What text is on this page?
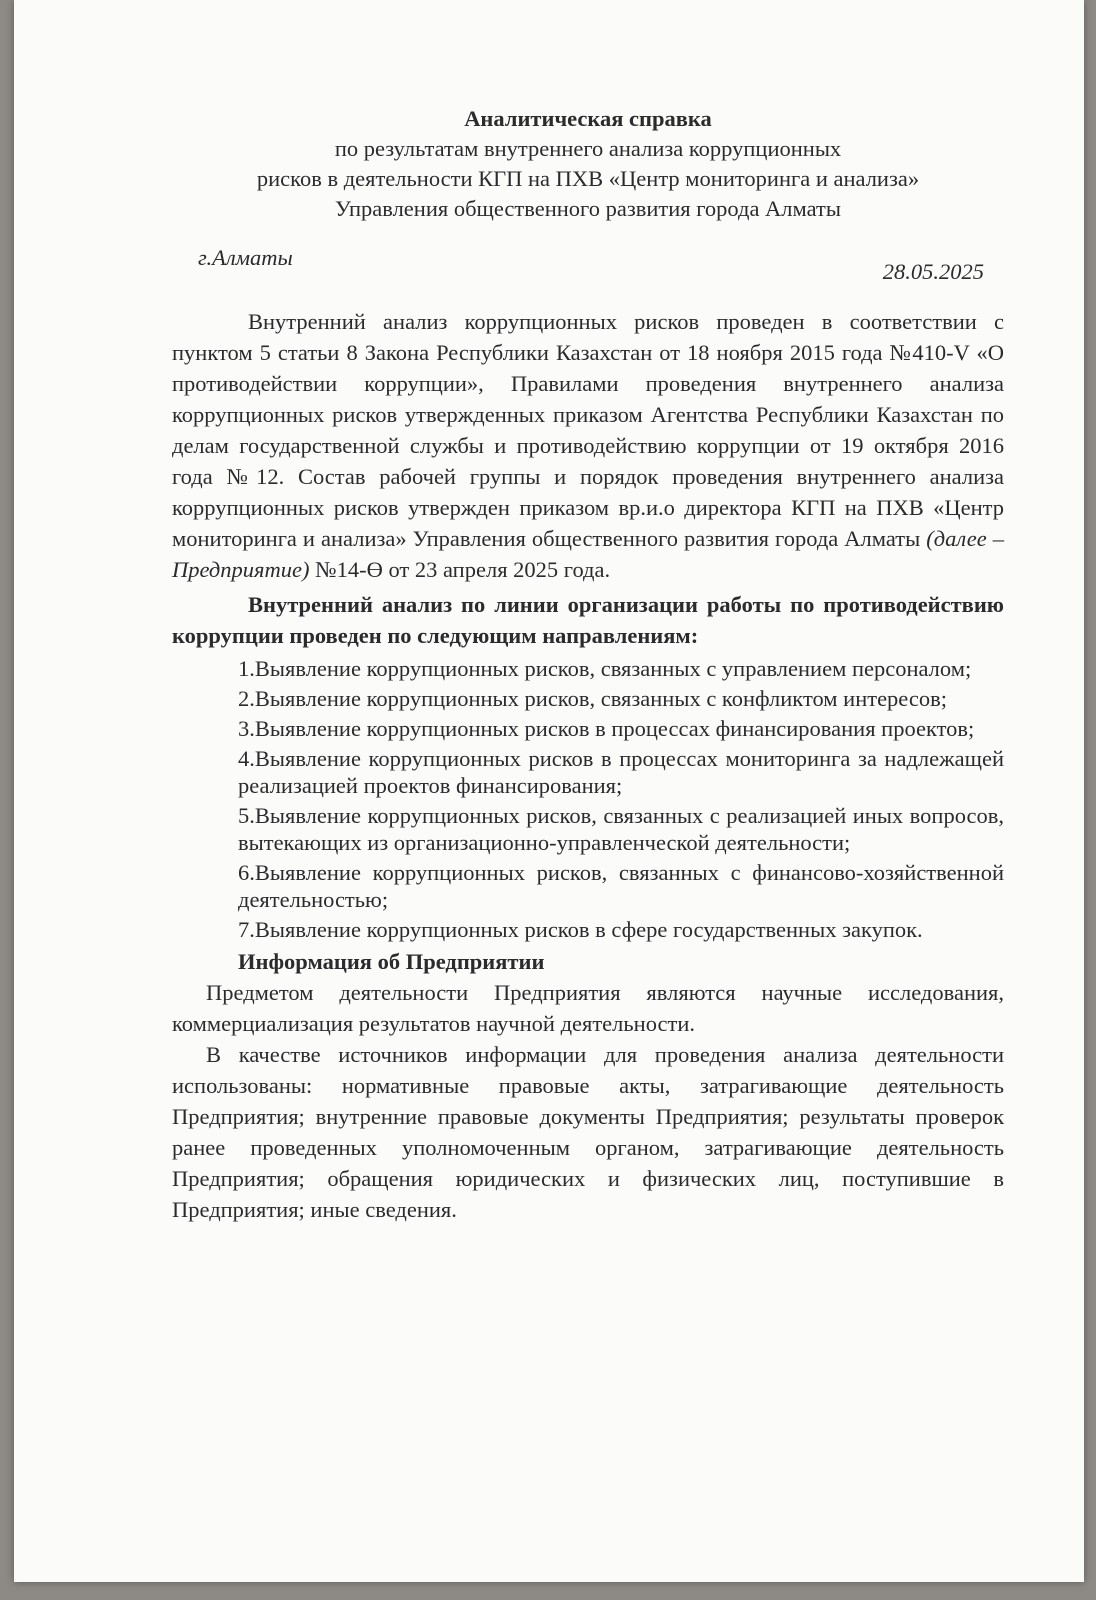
Аналитическая справка
по результатам внутреннего анализа коррупционных
рисков в деятельности КГП на ПХВ «Центр мониторинга и анализа»
Управления общественного развития города Алматы
г.Алматы
28.05.2025

Внутренний анализ коррупционных рисков проведен в соответствии с пунктом 5 статьи 8 Закона Республики Казахстан от 18 ноября 2015 года №410-V «О противодействии коррупции», Правилами проведения внутреннего анализа коррупционных рисков утвержденных приказом Агентства Республики Казахстан по делам государственной службы и противодействию коррупции от 19 октября 2016 года №12. Состав рабочей группы и порядок проведения внутреннего анализа коррупционных рисков утвержден приказом вр.и.о директора КГП на ПХВ «Центр мониторинга и анализа» Управления общественного развития города Алматы (далее – Предприятие) №14-Ө от 23 апреля 2025 года.

Внутренний анализ по линии организации работы по противодействию коррупции проведен по следующим направлениям:

1.Выявление коррупционных рисков, связанных с управлением персоналом;
2.Выявление коррупционных рисков, связанных с конфликтом интересов;
3.Выявление коррупционных рисков в процессах финансирования проектов;
4.Выявление коррупционных рисков в процессах мониторинга за надлежащей реализацией проектов финансирования;
5.Выявление коррупционных рисков, связанных с реализацией иных вопросов, вытекающих из организационно-управленческой деятельности;
6.Выявление коррупционных рисков, связанных с финансово-хозяйственной деятельностью;
7.Выявление коррупционных рисков в сфере государственных закупок.
Информация об Предприятии

Предметом деятельности Предприятия являются научные исследования, коммерциализация результатов научной деятельности.

В качестве источников информации для проведения анализа деятельности использованы: нормативные правовые акты, затрагивающие деятельность Предприятия; внутренние правовые документы Предприятия; результаты проверок ранее проведенных уполномоченным органом, затрагивающие деятельность Предприятия; обращения юридических и физических лиц, поступившие в Предприятия; иные сведения.
